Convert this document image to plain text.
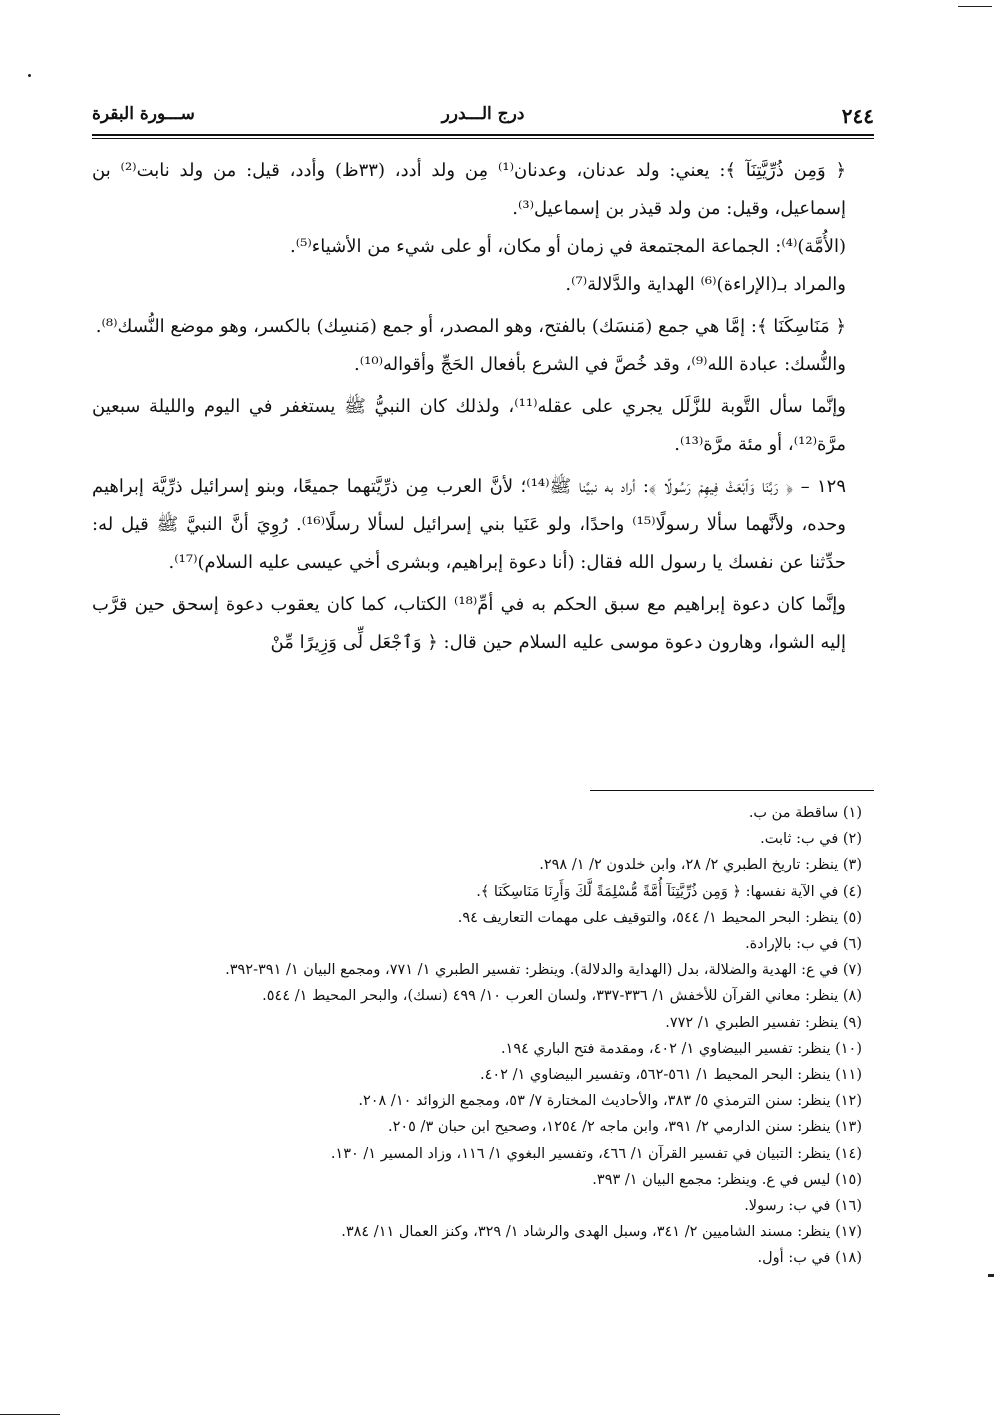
٢٤٤
درج الـــدرر
ســـورة البقرة

﴿ وَمِن ذُرِّيَّتِنَآ ﴾: يعني: ولد عدنان، وعدنان⁽¹⁾ مِن ولد أدد، (٣٣ظ) وأدد، قيل: من ولد نابت⁽²⁾ بن إسماعيل، وقيل: من ولد قيذر بن إسماعيل⁽³⁾.

(الأُمَّة)⁽⁴⁾: الجماعة المجتمعة في زمان أو مكان، أو على شيء من الأشياء⁽⁵⁾.

والمراد بـ(الإراءة)⁽⁶⁾ الهداية والدَّلالة⁽⁷⁾.

﴿ مَنَاسِكَنَا ﴾: إمَّا هي جمع (مَنسَك) بالفتح، وهو المصدر، أو جمع (مَنسِك) بالكسر، وهو موضع النُّسك⁽⁸⁾.

والنُّسك: عبادة الله⁽⁹⁾، وقد خُصَّ في الشرع بأفعال الحَجِّ وأقواله⁽¹⁰⁾.

وإنَّما سأل التَّوبة للزَّلَل يجري على عقله⁽¹¹⁾، ولذلك كان النبيُّ ﷺ يستغفر في اليوم والليلة سبعين مرَّة⁽¹²⁾، أو مئة مرَّة⁽¹³⁾.

١٢٩ – ﴿ رَبَّنَا وَٱبْعَثْ فِيهِمْ رَسُولًا ﴾: أراد به نبيَّنا ﷺ⁽¹⁴⁾؛ لأنَّ العرب مِن ذرِّيَّتهما جميعًا، وبنو إسرائيل ذرِّيَّة إبراهيم وحده، ولأنَّهما سألا رسولًا⁽¹⁵⁾ واحدًا، ولو عَنَيا بني إسرائيل لسألا رسلًا⁽¹⁶⁾. رُوِيَ أنَّ النبيَّ ﷺ قيل له: حدِّثنا عن نفسك يا رسول الله فقال: (أنا دعوة إبراهيم، وبشرى أخي عيسى عليه السلام)⁽¹⁷⁾.

وإنَّما كان دعوة إبراهيم مع سبق الحكم به في أمِّ⁽¹⁸⁾ الكتاب، كما كان يعقوب دعوة إسحق حين قرَّب إليه الشوا، وهارون دعوة موسى عليه السلام حين قال: ﴿ وَٱجْعَل لِّى وَزِيرًا مِّنْ

(١) ساقطة من ب.
(٢) في ب: ثابت.
(٣) ينظر: تاريخ الطبري ٢/ ٢٨، وابن خلدون ٢/ ١/ ٢٩٨.
(٤) في الآية نفسها: ﴿ وَمِن ذُرِّيَّتِنَآ أُمَّةً مُّسْلِمَةً لَّكَ وَأَرِنَا مَنَاسِكَنَا ﴾.
(٥) ينظر: البحر المحيط ١/ ٥٤٤، والتوقيف على مهمات التعاريف ٩٤.
(٦) في ب: بالإرادة.
(٧) في ع: الهدية والضلالة، بدل (الهداية والدلالة). وينظر: تفسير الطبري ١/ ٧٧١، ومجمع البيان ١/ ٣٩١-٣٩٢.
(٨) ينظر: معاني القرآن للأخفش ١/ ٣٣٦-٣٣٧، ولسان العرب ١٠/ ٤٩٩ (نسك)، والبحر المحيط ١/ ٥٤٤.
(٩) ينظر: تفسير الطبري ١/ ٧٧٢.
(١٠) ينظر: تفسير البيضاوي ١/ ٤٠٢، ومقدمة فتح الباري ١٩٤.
(١١) ينظر: البحر المحيط ١/ ٥٦١-٥٦٢، وتفسير البيضاوي ١/ ٤٠٢.
(١٢) ينظر: سنن الترمذي ٥/ ٣٨٣، والأحاديث المختارة ٧/ ٥٣، ومجمع الزوائد ١٠/ ٢٠٨.
(١٣) ينظر: سنن الدارمي ٢/ ٣٩١، وابن ماجه ٢/ ١٢٥٤، وصحيح ابن حبان ٣/ ٢٠٥.
(١٤) ينظر: التبيان في تفسير القرآن ١/ ٤٦٦، وتفسير البغوي ١/ ١١٦، وزاد المسير ١/ ١٣٠.
(١٥) ليس في ع. وينظر: مجمع البيان ١/ ٣٩٣.
(١٦) في ب: رسولا.
(١٧) ينظر: مسند الشاميين ٢/ ٣٤١، وسبل الهدى والرشاد ١/ ٣٢٩، وكنز العمال ١١/ ٣٨٤.
(١٨) في ب: أول.
